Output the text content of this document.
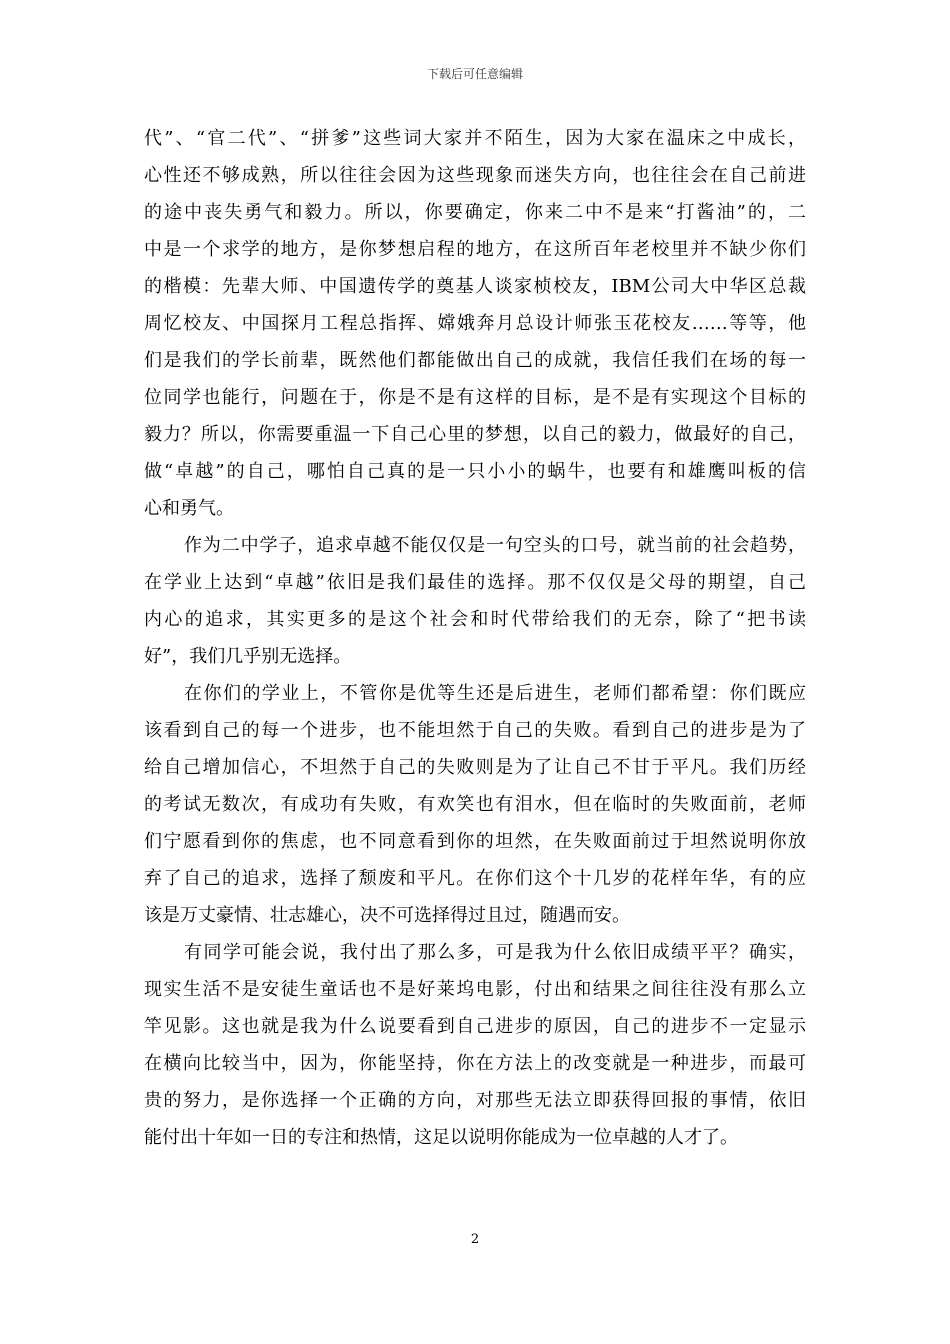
下载后可任意编辑
代”、“官二代”、“拼爹”这些词大家并不陌生，因为大家在温床之中成长，
心性还不够成熟，所以往往会因为这些现象而迷失方向，也往往会在自己前进
的途中丧失勇气和毅力。所以，你要确定，你来二中不是来“打酱油”的，二
中是一个求学的地方，是你梦想启程的地方，在这所百年老校里并不缺少你们
的楷模：先辈大师、中国遗传学的奠基人谈家桢校友，IBM公司大中华区总裁
周忆校友、中国探月工程总指挥、嫦娥奔月总设计师张玉花校友……等等，他
们是我们的学长前辈，既然他们都能做出自己的成就，我信任我们在场的每一
位同学也能行，问题在于，你是不是有这样的目标，是不是有实现这个目标的
毅力？所以，你需要重温一下自己心里的梦想，以自己的毅力，做最好的自己，
做“卓越”的自己，哪怕自己真的是一只小小的蜗牛，也要有和雄鹰叫板的信
心和勇气。
作为二中学子，追求卓越不能仅仅是一句空头的口号，就当前的社会趋势，
在学业上达到“卓越”依旧是我们最佳的选择。那不仅仅是父母的期望，自己
内心的追求，其实更多的是这个社会和时代带给我们的无奈，除了“把书读
好”，我们几乎别无选择。
在你们的学业上，不管你是优等生还是后进生，老师们都希望：你们既应
该看到自己的每一个进步，也不能坦然于自己的失败。看到自己的进步是为了
给自己增加信心，不坦然于自己的失败则是为了让自己不甘于平凡。我们历经
的考试无数次，有成功有失败，有欢笑也有泪水，但在临时的失败面前，老师
们宁愿看到你的焦虑，也不同意看到你的坦然，在失败面前过于坦然说明你放
弃了自己的追求，选择了颓废和平凡。在你们这个十几岁的花样年华，有的应
该是万丈豪情、壮志雄心，决不可选择得过且过，随遇而安。
有同学可能会说，我付出了那么多，可是我为什么依旧成绩平平？确实，
现实生活不是安徒生童话也不是好莱坞电影，付出和结果之间往往没有那么立
竿见影。这也就是我为什么说要看到自己进步的原因，自己的进步不一定显示
在横向比较当中，因为，你能坚持，你在方法上的改变就是一种进步，而最可
贵的努力，是你选择一个正确的方向，对那些无法立即获得回报的事情，依旧
能付出十年如一日的专注和热情，这足以说明你能成为一位卓越的人才了。
2
